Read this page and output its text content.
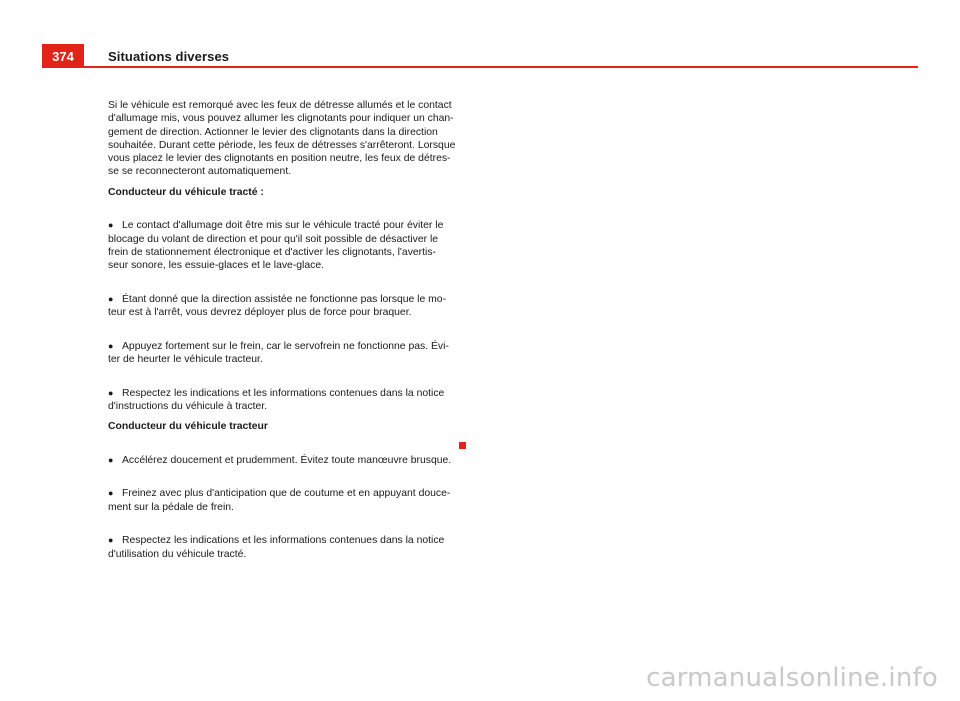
374	Situations diverses

Si le véhicule est remorqué avec les feux de détresse allumés et le contact
d'allumage mis, vous pouvez allumer les clignotants pour indiquer un chan-
gement de direction. Actionner le levier des clignotants dans la direction
souhaitée. Durant cette période, les feux de détresses s'arrêteront. Lorsque
vous placez le levier des clignotants en position neutre, les feux de détres-
se se reconnecteront automatiquement.

Conducteur du véhicule tracté :

● Le contact d'allumage doit être mis sur le véhicule tracté pour éviter le
blocage du volant de direction et pour qu'il soit possible de désactiver le
frein de stationnement électronique et d'activer les clignotants, l'avertis-
seur sonore, les essuie-glaces et le lave-glace.

● Étant donné que la direction assistée ne fonctionne pas lorsque le mo-
teur est à l'arrêt, vous devrez déployer plus de force pour braquer.

● Appuyez fortement sur le frein, car le servofrein ne fonctionne pas. Évi-
ter de heurter le véhicule tracteur.

● Respectez les indications et les informations contenues dans la notice
d'instructions du véhicule à tracter.

Conducteur du véhicule tracteur

● Accélérez doucement et prudemment. Évitez toute manœuvre brusque.

● Freinez avec plus d'anticipation que de coutume et en appuyant douce-
ment sur la pédale de frein.

● Respectez les indications et les informations contenues dans la notice
d'utilisation du véhicule tracté.

carmanualsonline.info
